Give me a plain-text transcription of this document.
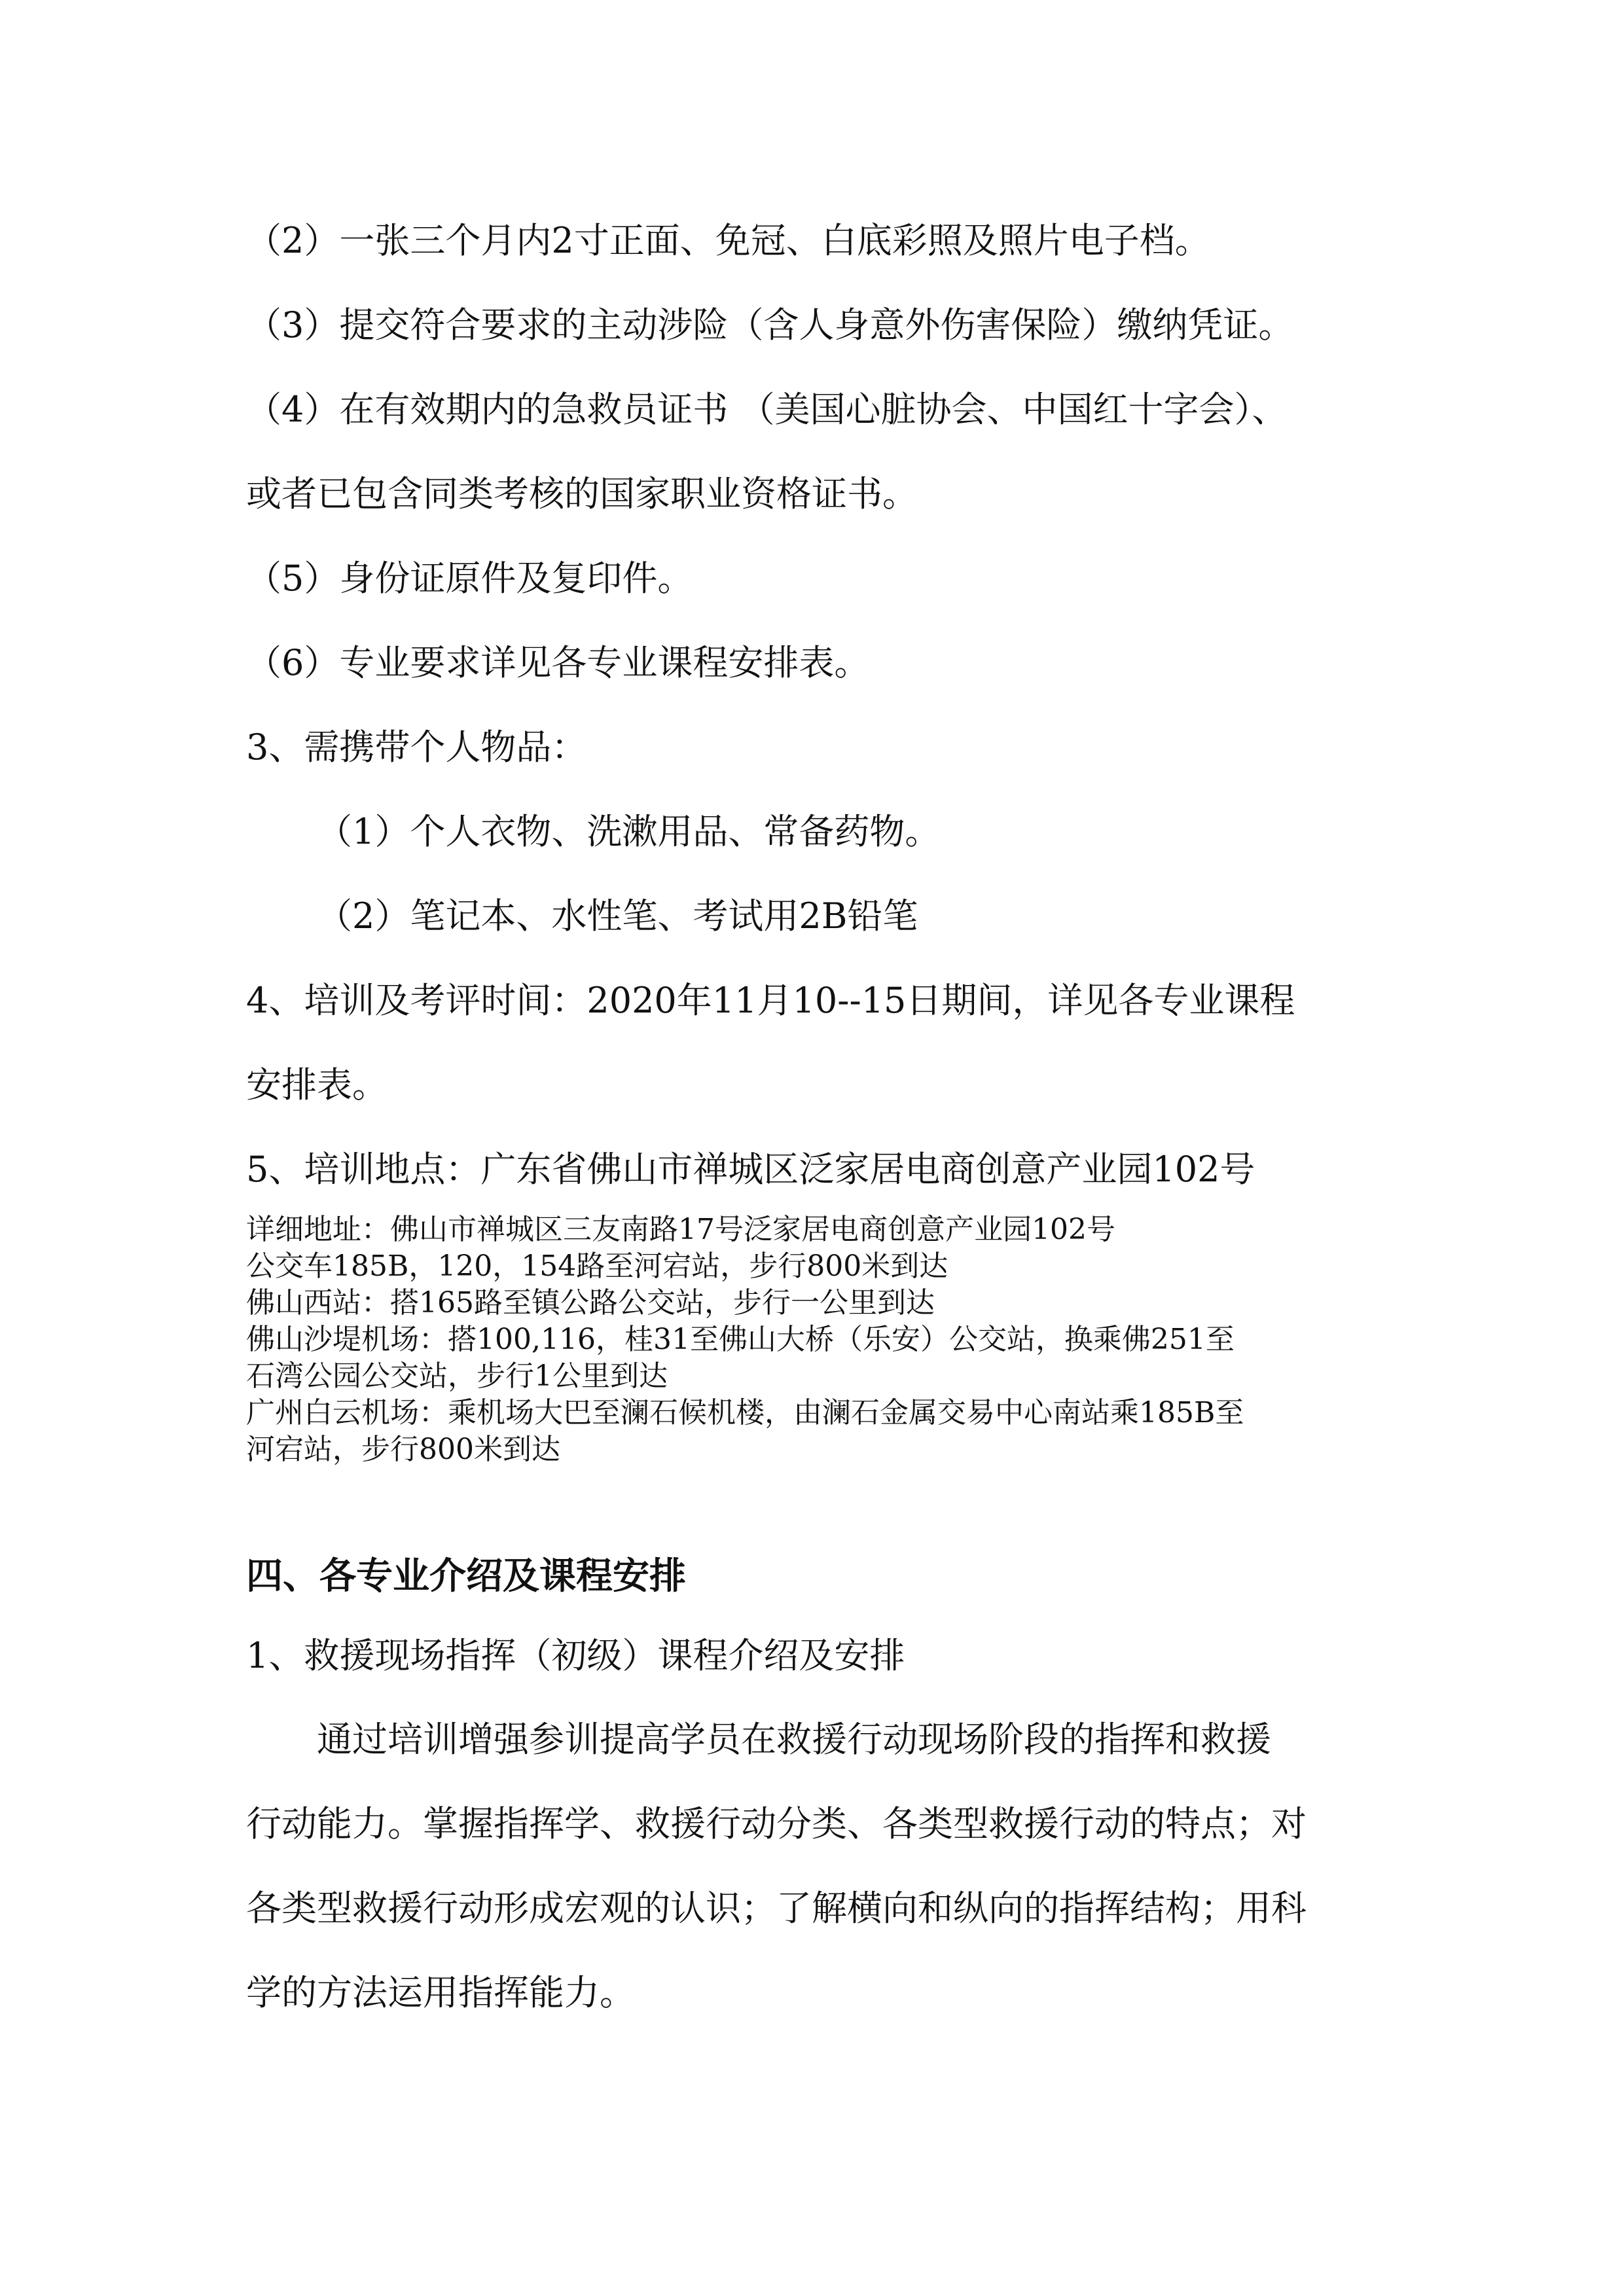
（2）一张三个月内2寸正面、免冠、白底彩照及照片电子档。
（3）提交符合要求的主动涉险（含人身意外伤害保险）缴纳凭证。
（4）在有效期内的急救员证书 （美国心脏协会、中国红十字会）、
或者已包含同类考核的国家职业资格证书。
（5）身份证原件及复印件。
（6）专业要求详见各专业课程安排表。
3、需携带个人物品：
（1）个人衣物、洗漱用品、常备药物。
（2）笔记本、水性笔、考试用2B铅笔
4、培训及考评时间：2020年11月10--15日期间，详见各专业课程
安排表。
5、培训地点：广东省佛山市禅城区泛家居电商创意产业园102号
详细地址：佛山市禅城区三友南路17号泛家居电商创意产业园102号
公交车185B，120，154路至河宕站，步行800米到达
佛山西站：搭165路至镇公路公交站，步行一公里到达
佛山沙堤机场：搭100,116，桂31至佛山大桥（乐安）公交站，换乘佛251至
石湾公园公交站，步行1公里到达
广州白云机场：乘机场大巴至澜石候机楼，由澜石金属交易中心南站乘185B至
河宕站，步行800米到达
四、各专业介绍及课程安排
1、救援现场指挥（初级）课程介绍及安排
通过培训增强参训提高学员在救援行动现场阶段的指挥和救援
行动能力。掌握指挥学、救援行动分类、各类型救援行动的特点；对
各类型救援行动形成宏观的认识；了解横向和纵向的指挥结构；用科
学的方法运用指挥能力。
